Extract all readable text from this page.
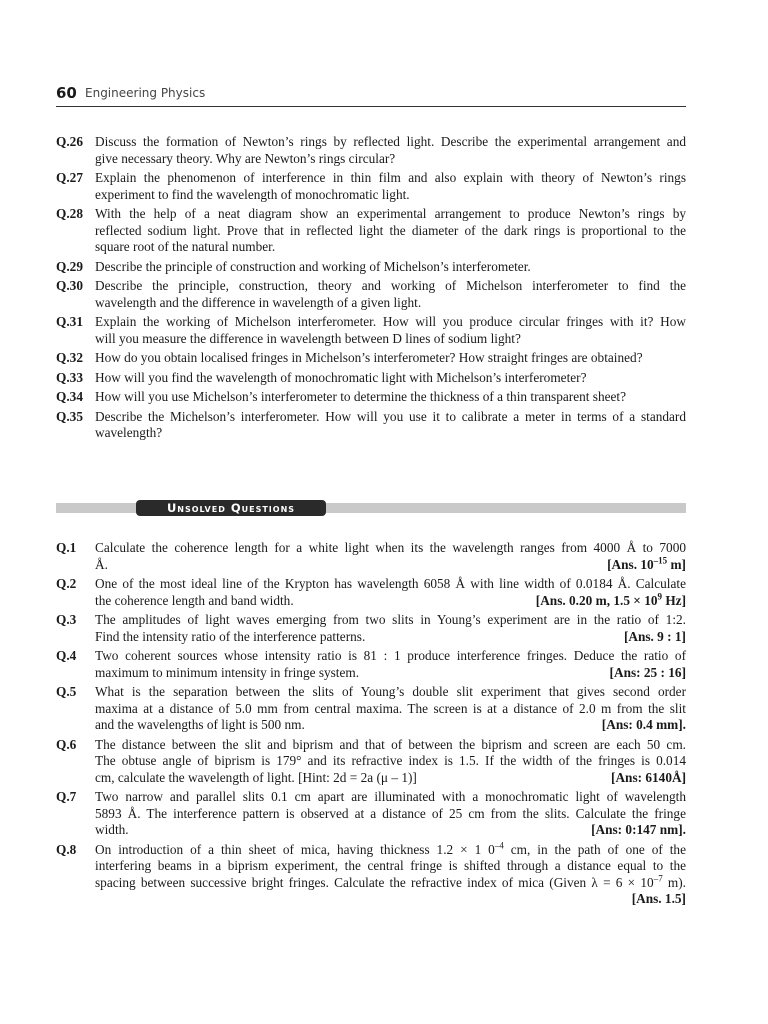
60 Engineering Physics
Q.26 Discuss the formation of Newton’s rings by reflected light. Describe the experimental arrangement and
give necessary theory. Why are Newton’s rings circular?
Q.27 Explain the phenomenon of interference in thin film and also explain with theory of Newton’s rings
experiment to find the wavelength of monochromatic light.
Q.28 With the help of a neat diagram show an experimental arrangement to produce Newton’s rings by
reflected sodium light. Prove that in reflected light the diameter of the dark rings is proportional to the
square root of the natural number.
Q.29 Describe the principle of construction and working of Michelson’s interferometer.
Q.30 Describe the principle, construction, theory and working of Michelson interferometer to find the
wavelength and the difference in wavelength of a given light.
Q.31 Explain the working of Michelson interferometer. How will you produce circular fringes with it? How
will you measure the difference in wavelength between D lines of sodium light?
Q.32 How do you obtain localised fringes in Michelson’s interferometer? How straight fringes are obtained?
Q.33 How will you find the wavelength of monochromatic light with Michelson’s interferometer?
Q.34 How will you use Michelson’s interferometer to determine the thickness of a thin transparent sheet?
Q.35 Describe the Michelson’s interferometer. How will you use it to calibrate a meter in terms of a standard
wavelength?
Unsolved Questions
Q.1	Calculate the coherence length for a white light when its the wavelength ranges from 4000 Å to 7000
Å.	[Ans. $10^{-15}$ m]
Q.2	One of the most ideal line of the Krypton has wavelength 6058 Å with line width of 0.0184 Å. Calculate
the coherence length and band width.	[Ans. 0.20 m, $1.5 \times 10^9$ Hz]
Q.3	The amplitudes of light waves emerging from two slits in Young’s experiment are in the ratio of 1:2.
Find the intensity ratio of the interference patterns.	[Ans. 9 : 1]
Q.4	Two coherent sources whose intensity ratio is 81 : 1 produce interference fringes. Deduce the ratio of
maximum to minimum intensity in fringe system.	[Ans: 25 : 16]
Q.5	What is the separation between the slits of Young’s double slit experiment that gives second order
maxima at a distance of 5.0 mm from central maxima. The screen is at a distance of 2.0 m from the slit
and the wavelengths of light is 500 nm.	[Ans: 0.4 mm].
Q.6	The distance between the slit and biprism and that of between the biprism and screen are each 50 cm.
The obtuse angle of biprism is 179° and its refractive index is 1.5. If the width of the fringes is 0.014
cm, calculate the wavelength of light. [Hint: 2d = 2a (μ – 1)]	[Ans: 6140Å]
Q.7	Two narrow and parallel slits 0.1 cm apart are illuminated with a monochromatic light of wavelength
5893 Å. The interference pattern is observed at a distance of 25 cm from the slits. Calculate the fringe
width.	[Ans: 0:147 nm].
Q.8	On introduction of a thin sheet of mica, having thickness 1.2 × 1 $0^{-4}$ cm, in the path of one of the
interfering beams in a biprism experiment, the central fringe is shifted through a distance equal to the
spacing between successive bright fringes. Calculate the refractive index of mica (Given $\lambda = 6 \times 10^{-7}$ m).
[Ans. 1.5]
